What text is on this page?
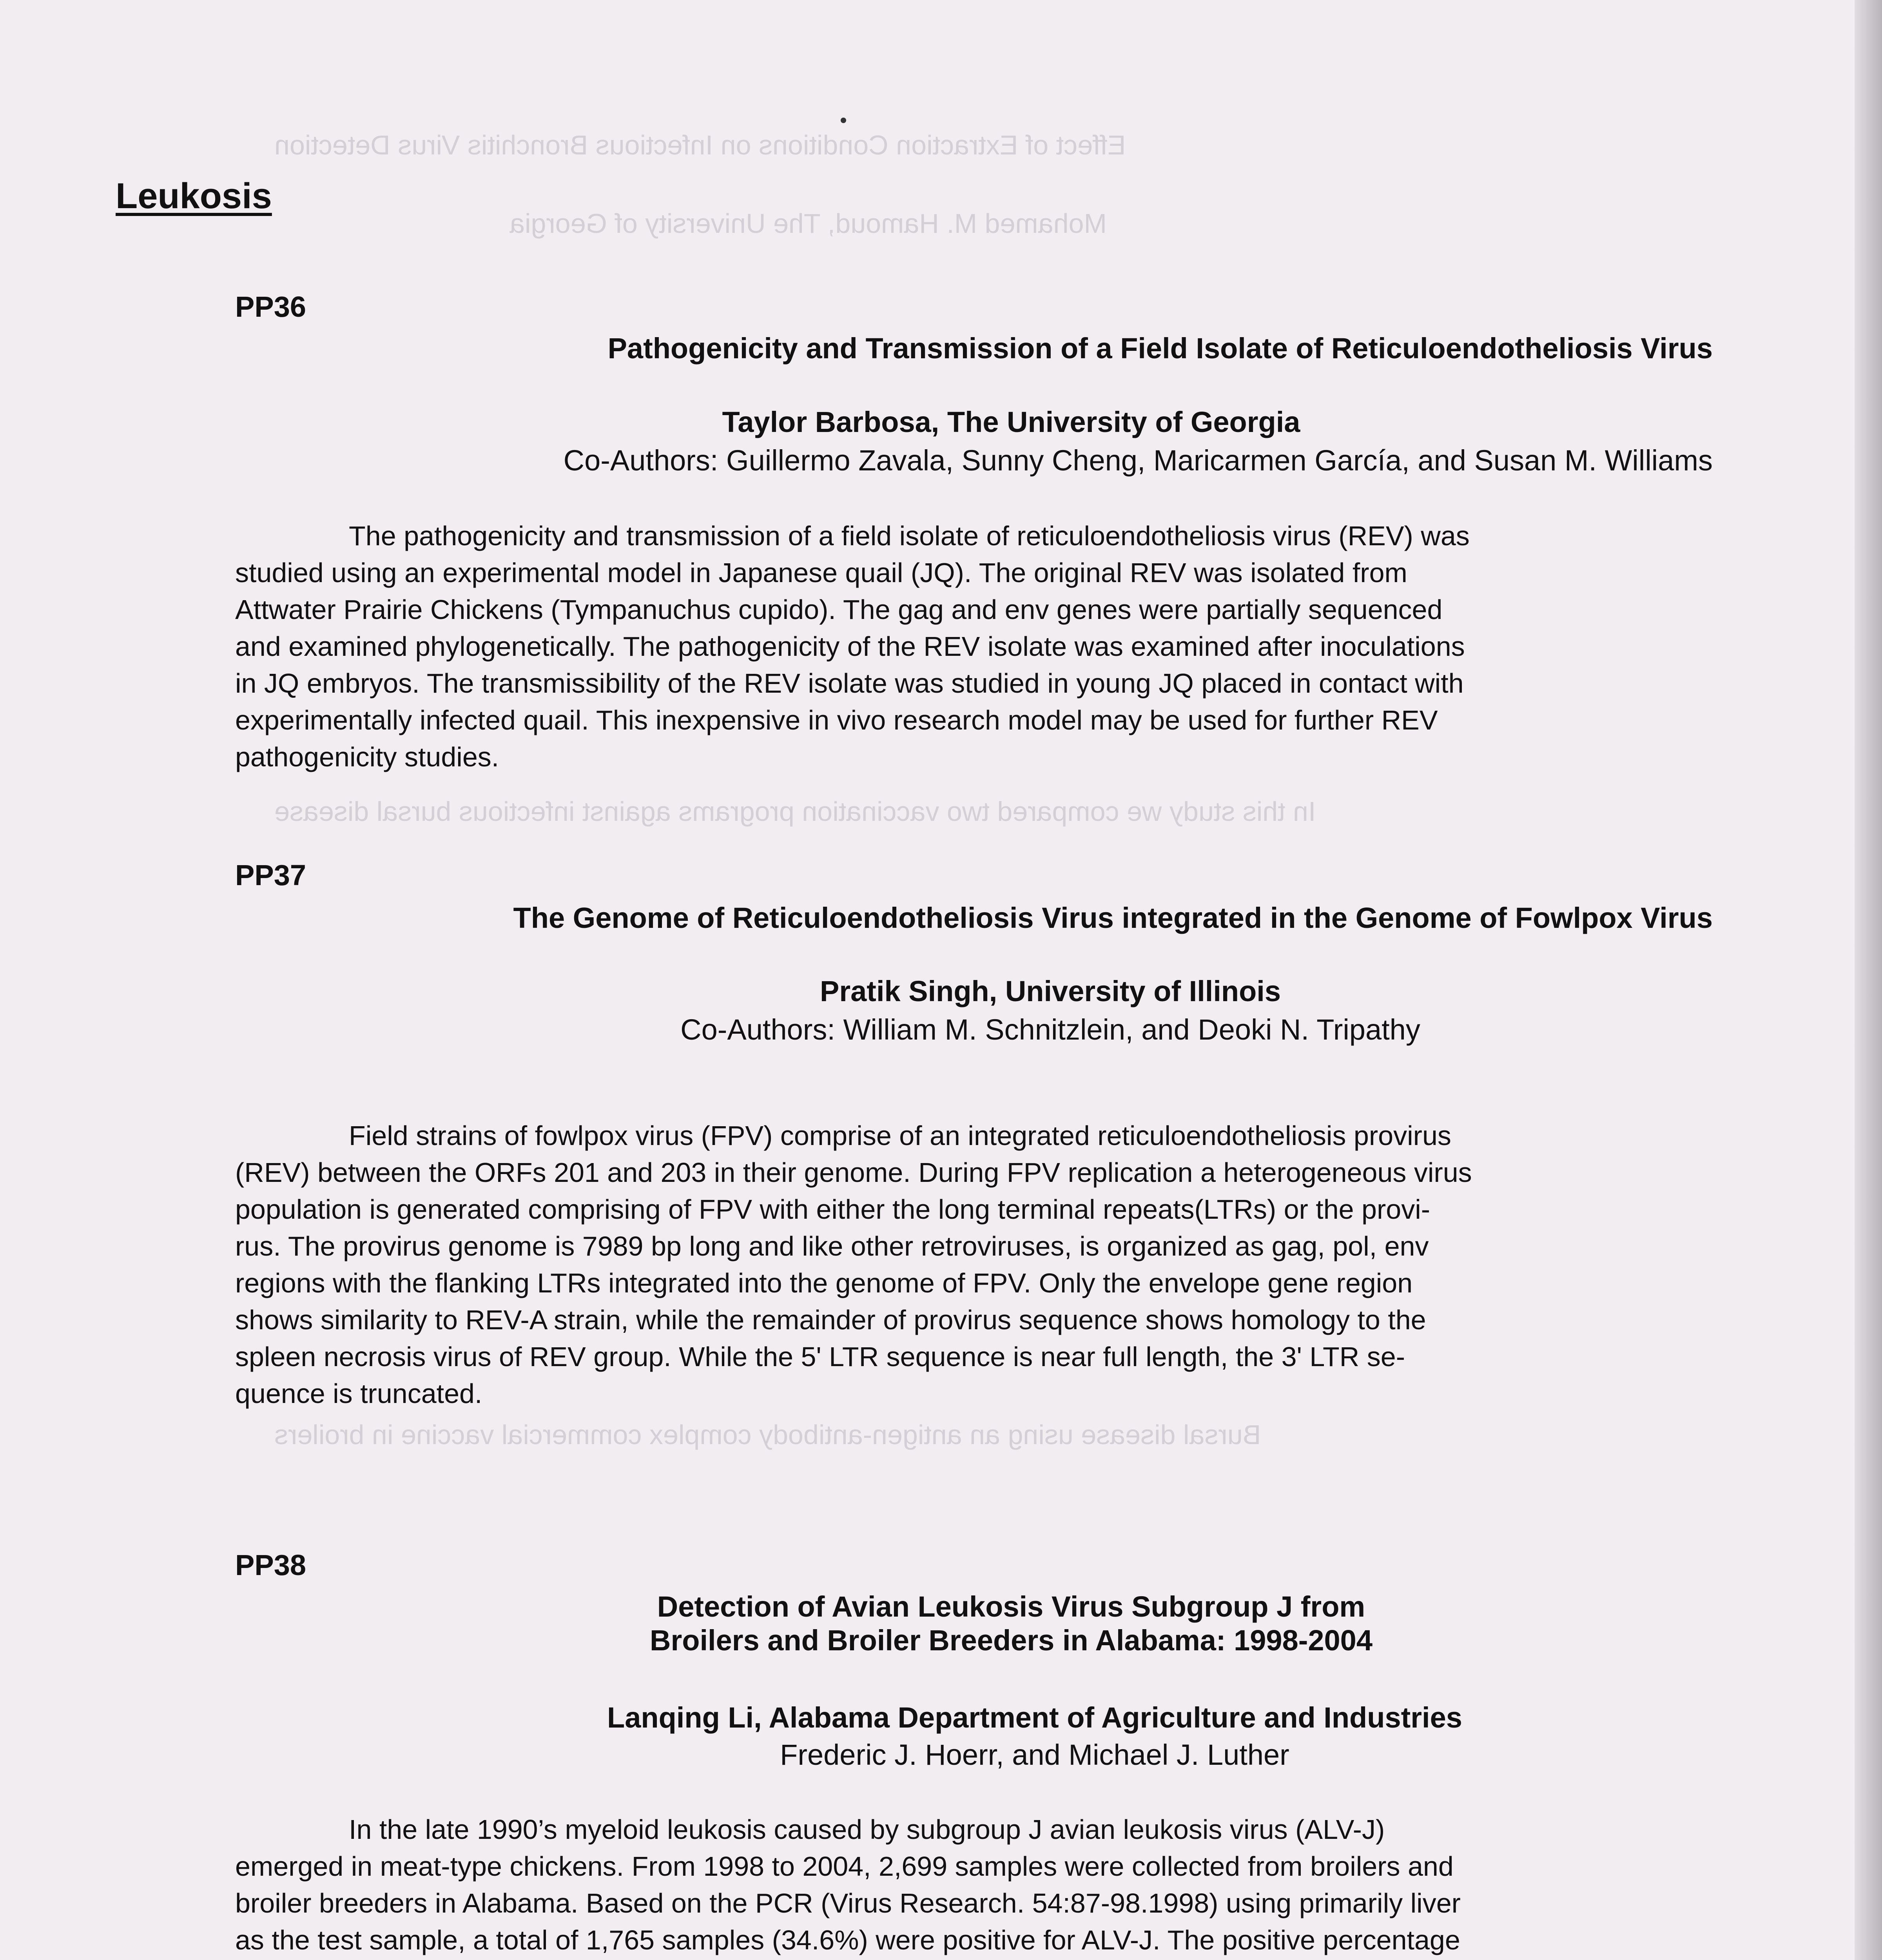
Effect of Extraction Conditions on Infectious Bronchitis Virus Detection
Mohamed M. Hamoud, The University of Georgia
In this study we compared two vaccination programs against infectious bursal disease
Bursal disease using an antigen-antibody complex commercial vaccine in broilers
Leukosis
PP36
Pathogenicity and Transmission of a Field Isolate of Reticuloendotheliosis Virus
Taylor Barbosa, The University of Georgia
Co-Authors: Guillermo Zavala, Sunny Cheng, Maricarmen García, and Susan M. Williams
The pathogenicity and transmission of a field isolate of reticuloendotheliosis virus (REV) was
studied using an experimental model in Japanese quail (JQ). The original REV was isolated from
Attwater Prairie Chickens (Tympanuchus cupido). The gag and env genes were partially sequenced
and examined phylogenetically. The pathogenicity of the REV isolate was examined after inoculations
in JQ embryos. The transmissibility of the REV isolate was studied in young JQ placed in contact with
experimentally infected quail. This inexpensive in vivo research model may be used for further REV
pathogenicity studies.
PP37
The Genome of Reticuloendotheliosis Virus integrated in the Genome of Fowlpox Virus
Pratik Singh, University of Illinois
Co-Authors: William M. Schnitzlein, and Deoki N. Tripathy
Field strains of fowlpox virus (FPV) comprise of an integrated reticuloendotheliosis provirus
(REV) between the ORFs 201 and 203 in their genome. During FPV replication a heterogeneous virus
population is generated comprising of FPV with either the long terminal repeats(LTRs) or the provi-
rus. The provirus genome is 7989 bp long and like other retroviruses, is organized as gag, pol, env
regions with the flanking LTRs integrated into the genome of FPV. Only the envelope gene region
shows similarity to REV-A strain, while the remainder of provirus sequence shows homology to the
spleen necrosis virus of REV group. While the 5' LTR sequence is near full length, the 3' LTR se-
quence is truncated.
PP38
Detection of Avian Leukosis Virus Subgroup J from
Broilers and Broiler Breeders in Alabama: 1998-2004
Lanqing Li, Alabama Department of Agriculture and Industries
Frederic J. Hoerr, and Michael J. Luther
In the late 1990’s myeloid leukosis caused by subgroup J avian leukosis virus (ALV-J)
emerged in meat-type chickens. From 1998 to 2004, 2,699 samples were collected from broilers and
broiler breeders in Alabama. Based on the PCR (Virus Research. 54:87-98.1998) using primarily liver
as the test sample, a total of 1,765 samples (34.6%) were positive for ALV-J. The positive percentage
